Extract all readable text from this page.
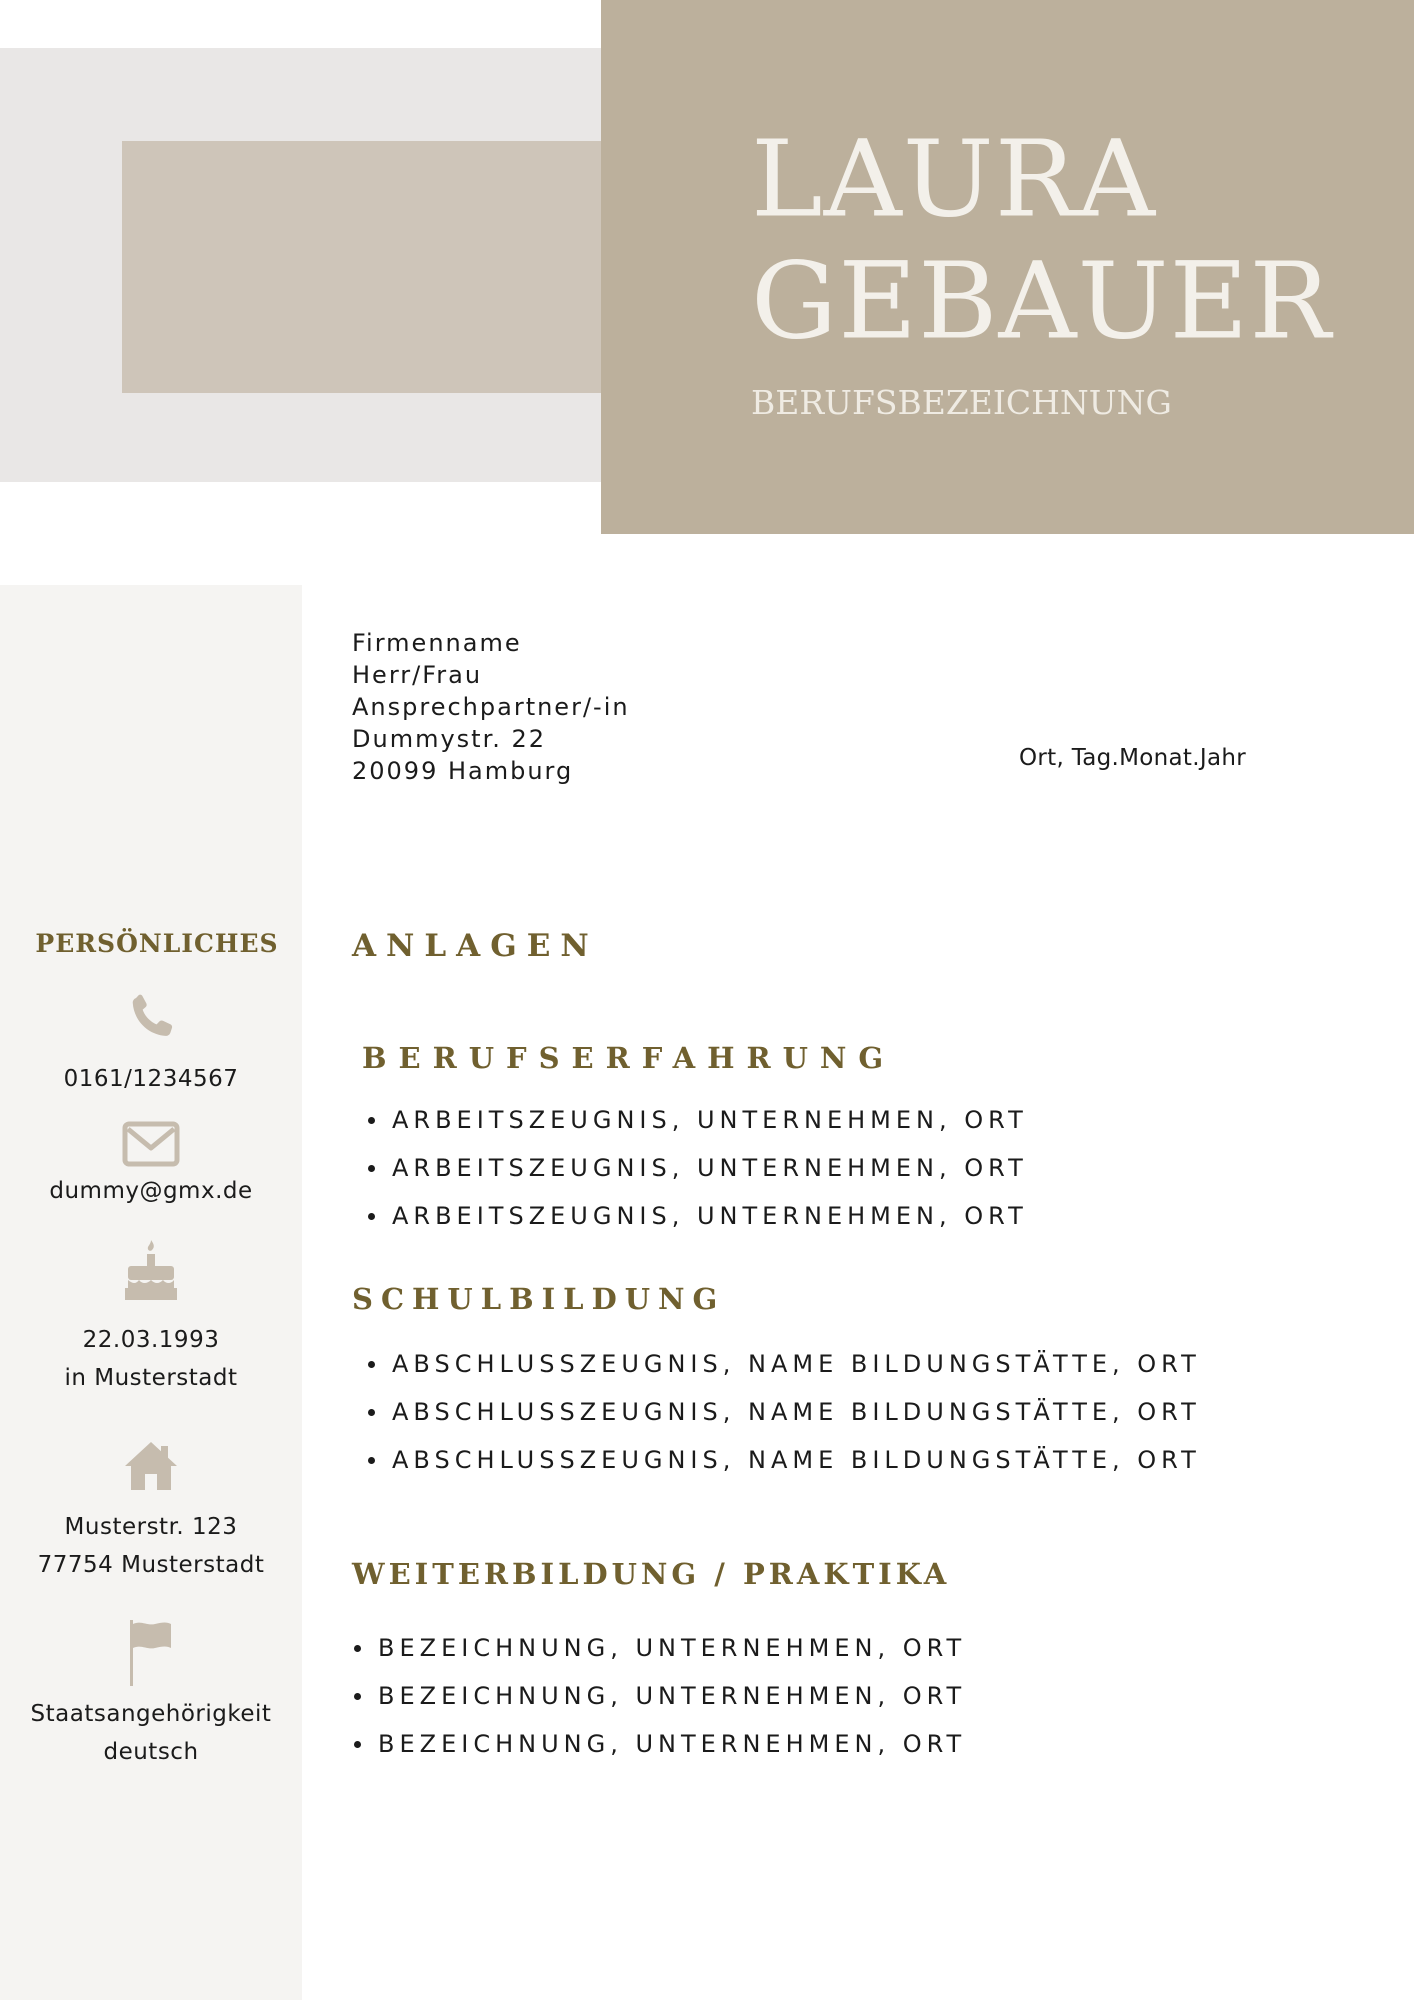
LAURA
GEBAUER
BERUFSBEZEICHNUNG
PERSÖNLICHES
0161/1234567
dummy@gmx.de
22.03.1993
in Musterstadt
Musterstr. 123
77754 Musterstadt
Staatsangehörigkeit
deutsch
Firmenname
Herr/Frau
Ansprechpartner/-in
Dummystr. 22
20099 Hamburg	Ort, Tag.Monat.Jahr
ANLAGEN
BERUFSERFAHRUNG
ARBEITSZEUGNIS, UNTERNEHMEN, ORT
ARBEITSZEUGNIS, UNTERNEHMEN, ORT
ARBEITSZEUGNIS, UNTERNEHMEN, ORT
SCHULBILDUNG
ABSCHLUSSZEUGNIS, NAME BILDUNGSTÄTTE, ORT
ABSCHLUSSZEUGNIS, NAME BILDUNGSTÄTTE, ORT
ABSCHLUSSZEUGNIS, NAME BILDUNGSTÄTTE, ORT
WEITERBILDUNG / PRAKTIKA
BEZEICHNUNG, UNTERNEHMEN, ORT
BEZEICHNUNG, UNTERNEHMEN, ORT
BEZEICHNUNG, UNTERNEHMEN, ORT
